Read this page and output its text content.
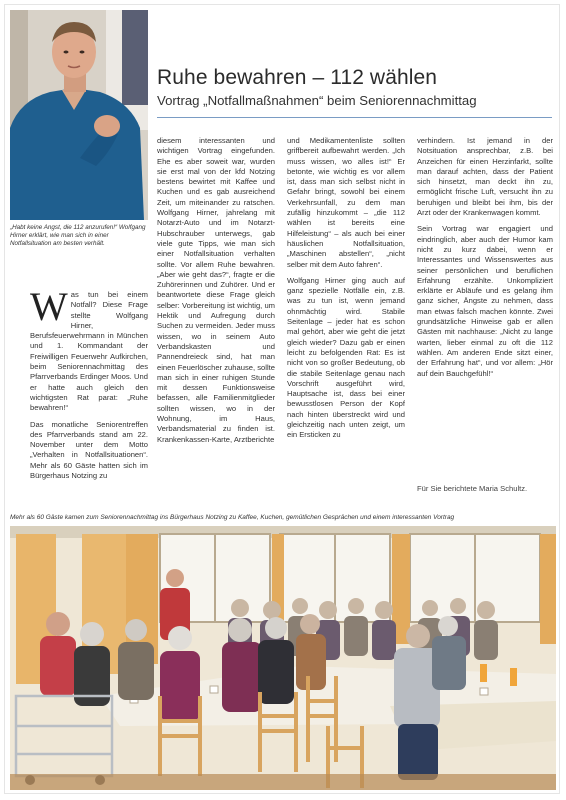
„Habt keine Angst, die 112 anzurufen!“ Wolfgang Hirner erklärt, wie man sich in einer Notfallsituation am besten verhält.
Ruhe bewahren – 112 wählen
Vortrag „Notfallmaßnahmen“ beim Seniorennachmittag

Was tun bei einem Notfall? Diese Frage stellte Wolfgang Hirner, Berufsfeuerwehrmann in München und 1. Kommandant der Freiwilligen Feuerwehr Aufkirchen, beim Seniorennachmittag des Pfarrverbands Erdinger Moos. Und er hatte auch gleich den wichtigsten Rat parat: „Ruhe bewahren!“

Das monatliche Seniorentreffen des Pfarrverbands stand am 22. November unter dem Motto „Verhalten in Notfallsituationen“. Mehr als 60 Gäste hatten sich im Bürgerhaus Notzing zu

diesem interessanten und wichtigen Vortrag eingefunden. Ehe es aber soweit war, wurden sie erst mal von der kfd Notzing bestens bewirtet mit Kaffee und Kuchen und es gab ausreichend Zeit, um miteinander zu ratschen. Wolfgang Hirner, jahrelang mit Notarzt-Auto und im Notarzt-Hubschrauber unterwegs, gab viele gute Tipps, wie man sich einer Notfallsituation verhalten sollte. Vor allem Ruhe bewahren. „Aber wie geht das?“, fragte er die Zuhörerinnen und Zuhörer. Und er beantwortete diese Frage gleich selber: Vorbereitung ist wichtig, um Hektik und Aufregung durch Suchen zu vermeiden. Jeder muss wissen, wo in seinem Auto Verbandskasten und Pannendreieck sind, hat man einen Feuerlöscher zuhause, sollte man sich in einer ruhigen Stunde mit dessen Funktionsweise befassen, alle Familienmitglieder sollten wissen, wo in der Wohnung, im Haus, Verbandsmaterial zu finden ist. Krankenkassen-Karte, Arztberichte

und Medikamentenliste sollten griffbereit aufbewahrt werden. „Ich muss wissen, wo alles ist!“ Er betonte, wie wichtig es vor allem ist, dass man sich selbst nicht in Gefahr bringt, sowohl bei einem Verkehrsunfall, zu dem man zufällig hinzukommt – „die 112 wählen ist bereits eine Hilfeleistung“ – als auch bei einer häuslichen Notfallsituation, „Maschinen abstellen“, „nicht selber mit dem Auto fahren“.

Wolfgang Hirner ging auch auf ganz spezielle Notfälle ein, z.B. was zu tun ist, wenn jemand ohnmächtig wird. Stabile Seitenlage – jeder hat es schon mal gehört, aber wie geht die jetzt gleich wieder? Dazu gab er einen leicht zu befolgenden Rat: Es ist nicht von so großer Bedeutung, ob die stabile Seitenlage genau nach Vorschrift ausgeführt wird, Hauptsache ist, dass bei einer bewusstlosen Person der Kopf nach hinten überstreckt wird und gleichzeitig nach unten zeigt, um ein Ersticken zu

verhindern. Ist jemand in der Notsituation ansprechbar, z.B. bei Anzeichen für einen Herzinfarkt, sollte man darauf achten, dass der Patient sich hinsetzt, man deckt ihn zu, ermöglicht frische Luft, versucht ihn zu beruhigen und bleibt bei ihm, bis der Arzt oder der Krankenwagen kommt.

Sein Vortrag war engagiert und eindringlich, aber auch der Humor kam nicht zu kurz dabei, wenn er Interessantes und Wissenswertes aus seiner persönlichen und beruflichen Erfahrung erzählte. Unkompliziert erklärte er Abläufe und es gelang ihm ganz sicher, Ängste zu nehmen, dass man etwas falsch machen könnte. Zwei grundsätzliche Hinweise gab er allen Gästen mit nachhause: „Nicht zu lange warten, lieber einmal zu oft die 112 wählen. Am anderen Ende sitzt einer, der Erfahrung hat“, und vor allem: „Hör auf dein Bauchgefühl!“

Für Sie berichtete Maria Schultz.
Mehr als 60 Gäste kamen zum Seniorennachmittag ins Bürgerhaus Notzing zu Kaffee, Kuchen, gemütlichen Gesprächen und einem interessanten Vortrag
